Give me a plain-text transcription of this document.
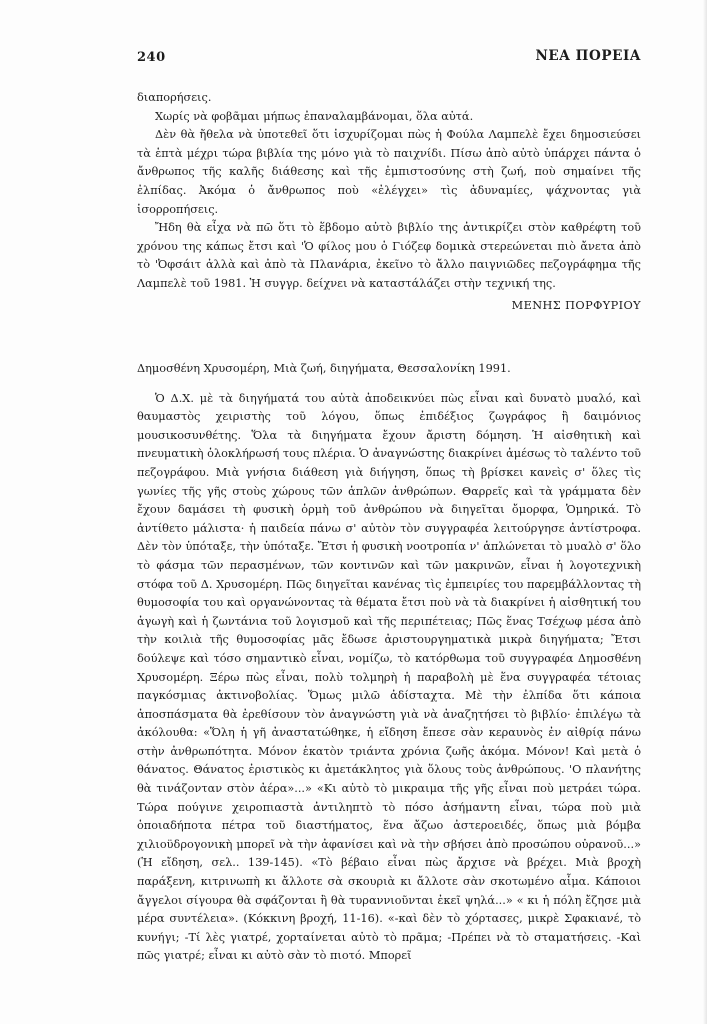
240	ΝΕΑ ΠΟΡΕΙΑ

διαπορήσεις.

Χωρίς νὰ φοβᾶμαι μήπως ἐπαναλαμβάνομαι, ὅλα αὐτά.

Δὲν θὰ ἤθελα νὰ ὑποτεθεῖ ὅτι ἰσχυρίζομαι πὼς ἡ Φούλα Λαμπελὲ ἔχει δημοσιεύσει τὰ ἑπτὰ μέχρι τώρα βιβλία της μόνο γιὰ τὸ παιχνίδι. Πίσω ἀπὸ αὐτὸ ὑπάρχει πάντα ὁ ἄνθρωπος τῆς καλῆς διάθεσης καὶ τῆς ἐμπιστοσύνης στὴ ζωή, ποὺ σημαίνει τῆς ἐλπίδας. Ἀκόμα ὁ ἄνθρωπος ποὺ «ἐλέγχει» τὶς ἀδυναμίες, ψάχνοντας γιὰ ἰσορροπήσεις.

Ἤδη θὰ εἶχα νὰ πῶ ὅτι τὸ ἕβδομο αὐτὸ βιβλίο της ἀντικρίζει στὸν καθρέφτη τοῦ χρόνου της κάπως ἔτσι καὶ 'Ὁ φίλος μου ὁ Γιόζεφ δομικὰ στερεώνεται πιὸ ἄνετα ἀπὸ τὸ 'Ὀφσάιτ ἀλλὰ καὶ ἀπὸ τὰ Πλανάρια, ἐκεῖνο τὸ ἄλλο παιγνιῶδες πεζογράφημα τῆς Λαμπελὲ τοῦ 1981. Ἡ συγγρ. δείχνει νὰ καταστάλάζει στὴν τεχνική της.

ΜΕΝΗΣ ΠΟΡΦΥΡΙΟΥ

Δημοσθένη Χρυσομέρη, Μιὰ ζωή, διηγήματα, Θεσσαλονίκη 1991.

Ὁ Δ.Χ. μὲ τὰ διηγήματά του αὐτὰ ἀποδεικνύει πὼς εἶναι καὶ δυνατὸ μυαλό, καὶ θαυμαστὸς χειριστὴς τοῦ λόγου, ὅπως ἐπιδέξιος ζωγράφος ἢ δαιμόνιος μουσικοσυνθέτης. Ὅλα τὰ διηγήματα ἔχουν ἄριστη δόμηση. Ἡ αἰσθητικὴ καὶ πνευματικὴ ὁλοκλήρωσή τους πλέρια. Ὁ ἀναγνώστης διακρίνει ἀμέσως τὸ ταλέντο τοῦ πεζογράφου. Μιὰ γνήσια διάθεση γιὰ διήγηση, ὅπως τὴ βρίσκει κανεὶς σ' ὅλες τὶς γωνίες τῆς γῆς στοὺς χώρους τῶν ἁπλῶν ἀνθρώπων. Θαρρεῖς καὶ τὰ γράμματα δὲν ἔχουν δαμάσει τὴ φυσικὴ ὁρμὴ τοῦ ἀνθρώπου νὰ διηγεῖται ὄμορφα, Ὁμηρικά. Τὸ ἀντίθετο μάλιστα· ἡ παιδεία πάνω σ' αὐτὸν τὸν συγγραφέα λειτούργησε ἀντίστροφα. Δὲν τὸν ὑπόταξε, τὴν ὑπόταξε. Ἔτσι ἡ φυσικὴ νοοτροπία ν' ἁπλώνεται τὸ μυαλὸ σ' ὅλο τὸ φάσμα τῶν περασμένων, τῶν κοντινῶν καὶ τῶν μακρινῶν, εἶναι ἡ λογοτεχνικὴ στόφα τοῦ Δ. Χρυσομέρη. Πῶς διηγεῖται κανένας τὶς ἐμπειρίες του παρεμβάλλοντας τὴ θυμοσοφία του καὶ οργανώνοντας τὰ θέματα ἔτσι ποὺ νὰ τὰ διακρίνει ἡ αἰσθητική του ἀγωγὴ καὶ ἡ ζωντάνια τοῦ λογισμοῦ καὶ τῆς περιπέτειας; Πῶς ἕνας Τσέχωφ μέσα ἀπὸ τὴν κοιλιὰ τῆς θυμοσοφίας μᾶς ἔδωσε ἀριστουργηματικὰ μικρὰ διηγήματα; Ἔτσι δούλεψε καὶ τόσο σημαντικὸ εἶναι, νομίζω, τὸ κατόρθωμα τοῦ συγγραφέα Δημοσθένη Χρυσομέρη. Ξέρω πὼς εἶναι, πολὺ τολμηρὴ ἡ παραβολὴ μὲ ἕνα συγγραφέα τέτοιας παγκόσμιας ἀκτινοβολίας. Ὅμως μιλῶ ἀδίσταχτα. Μὲ τὴν ἐλπίδα ὅτι κάποια ἀποσπάσματα θὰ ἐρεθίσουν τὸν ἀναγνώστη γιὰ νὰ ἀναζητήσει τὸ βιβλίο· ἐπιλέγω τὰ ἀκόλουθα: «Ὅλη ἡ γῆ ἀναστατώθηκε, ἡ εἴδηση ἔπεσε σὰν κεραυνὸς ἐν αἰθρίᾳ πάνω στὴν ἀνθρωπότητα. Μόνον ἑκατὸν τριάντα χρόνια ζωῆς ἀκόμα. Μόνον! Καὶ μετὰ ὁ θάνατος. Θάνατος ἐριστικὸς κι ἀμετάκλητος γιὰ ὅλους τοὺς ἀνθρώπους. 'Ο πλανήτης θὰ τινάζονταν στὸν ἀέρα»...» «Κι αὐτὸ τὸ μικραιμα τῆς γῆς εἶναι ποὺ μετράει τώρα. Τώρα πούγινε χειροπιαστὰ ἀντιληπτὸ τὸ πόσο ἀσήμαντη εἶναι, τώρα ποὺ μιὰ ὁποιαδήποτα πέτρα τοῦ διαστήματος, ἕνα ἄζωο ἀστεροειδές, ὅπως μιὰ βόμβα χιλιοϋδρογονικὴ μπορεῖ νὰ τὴν ἀφανίσει καὶ νὰ τὴν σβήσει ἀπὸ προσώπου οὐρανοῦ...» (Ἡ εἴδηση, σελ.. 139-145). «Τὸ βέβαιο εἶναι πὼς ἄρχισε νὰ βρέχει. Μιὰ βροχὴ παράξενη, κιτρινωπὴ κι ἄλλοτε σὰ σκουριὰ κι ἄλλοτε σὰν σκοτωμένο αἷμα. Κάποιοι ἄγγελοι σίγουρα θὰ σφάζονται ἢ θὰ τυραννιοῦνται ἐκεῖ ψηλά...» « κι ἡ πόλη ἔζησε μιὰ μέρα συντέλεια». (Κόκκινη βροχή, 11-16). «-καὶ δὲν τὸ χόρτασες, μικρὲ Σφακιανέ, τὸ κυνήγι; -Τί λὲς γιατρέ, χορταίνεται αὐτὸ τὸ πρᾶμα; -Πρέπει νὰ τὸ σταματήσεις. -Καὶ πῶς γιατρέ; εἶναι κι αὐτὸ σὰν τὸ πιοτό. Μπορεῖ
